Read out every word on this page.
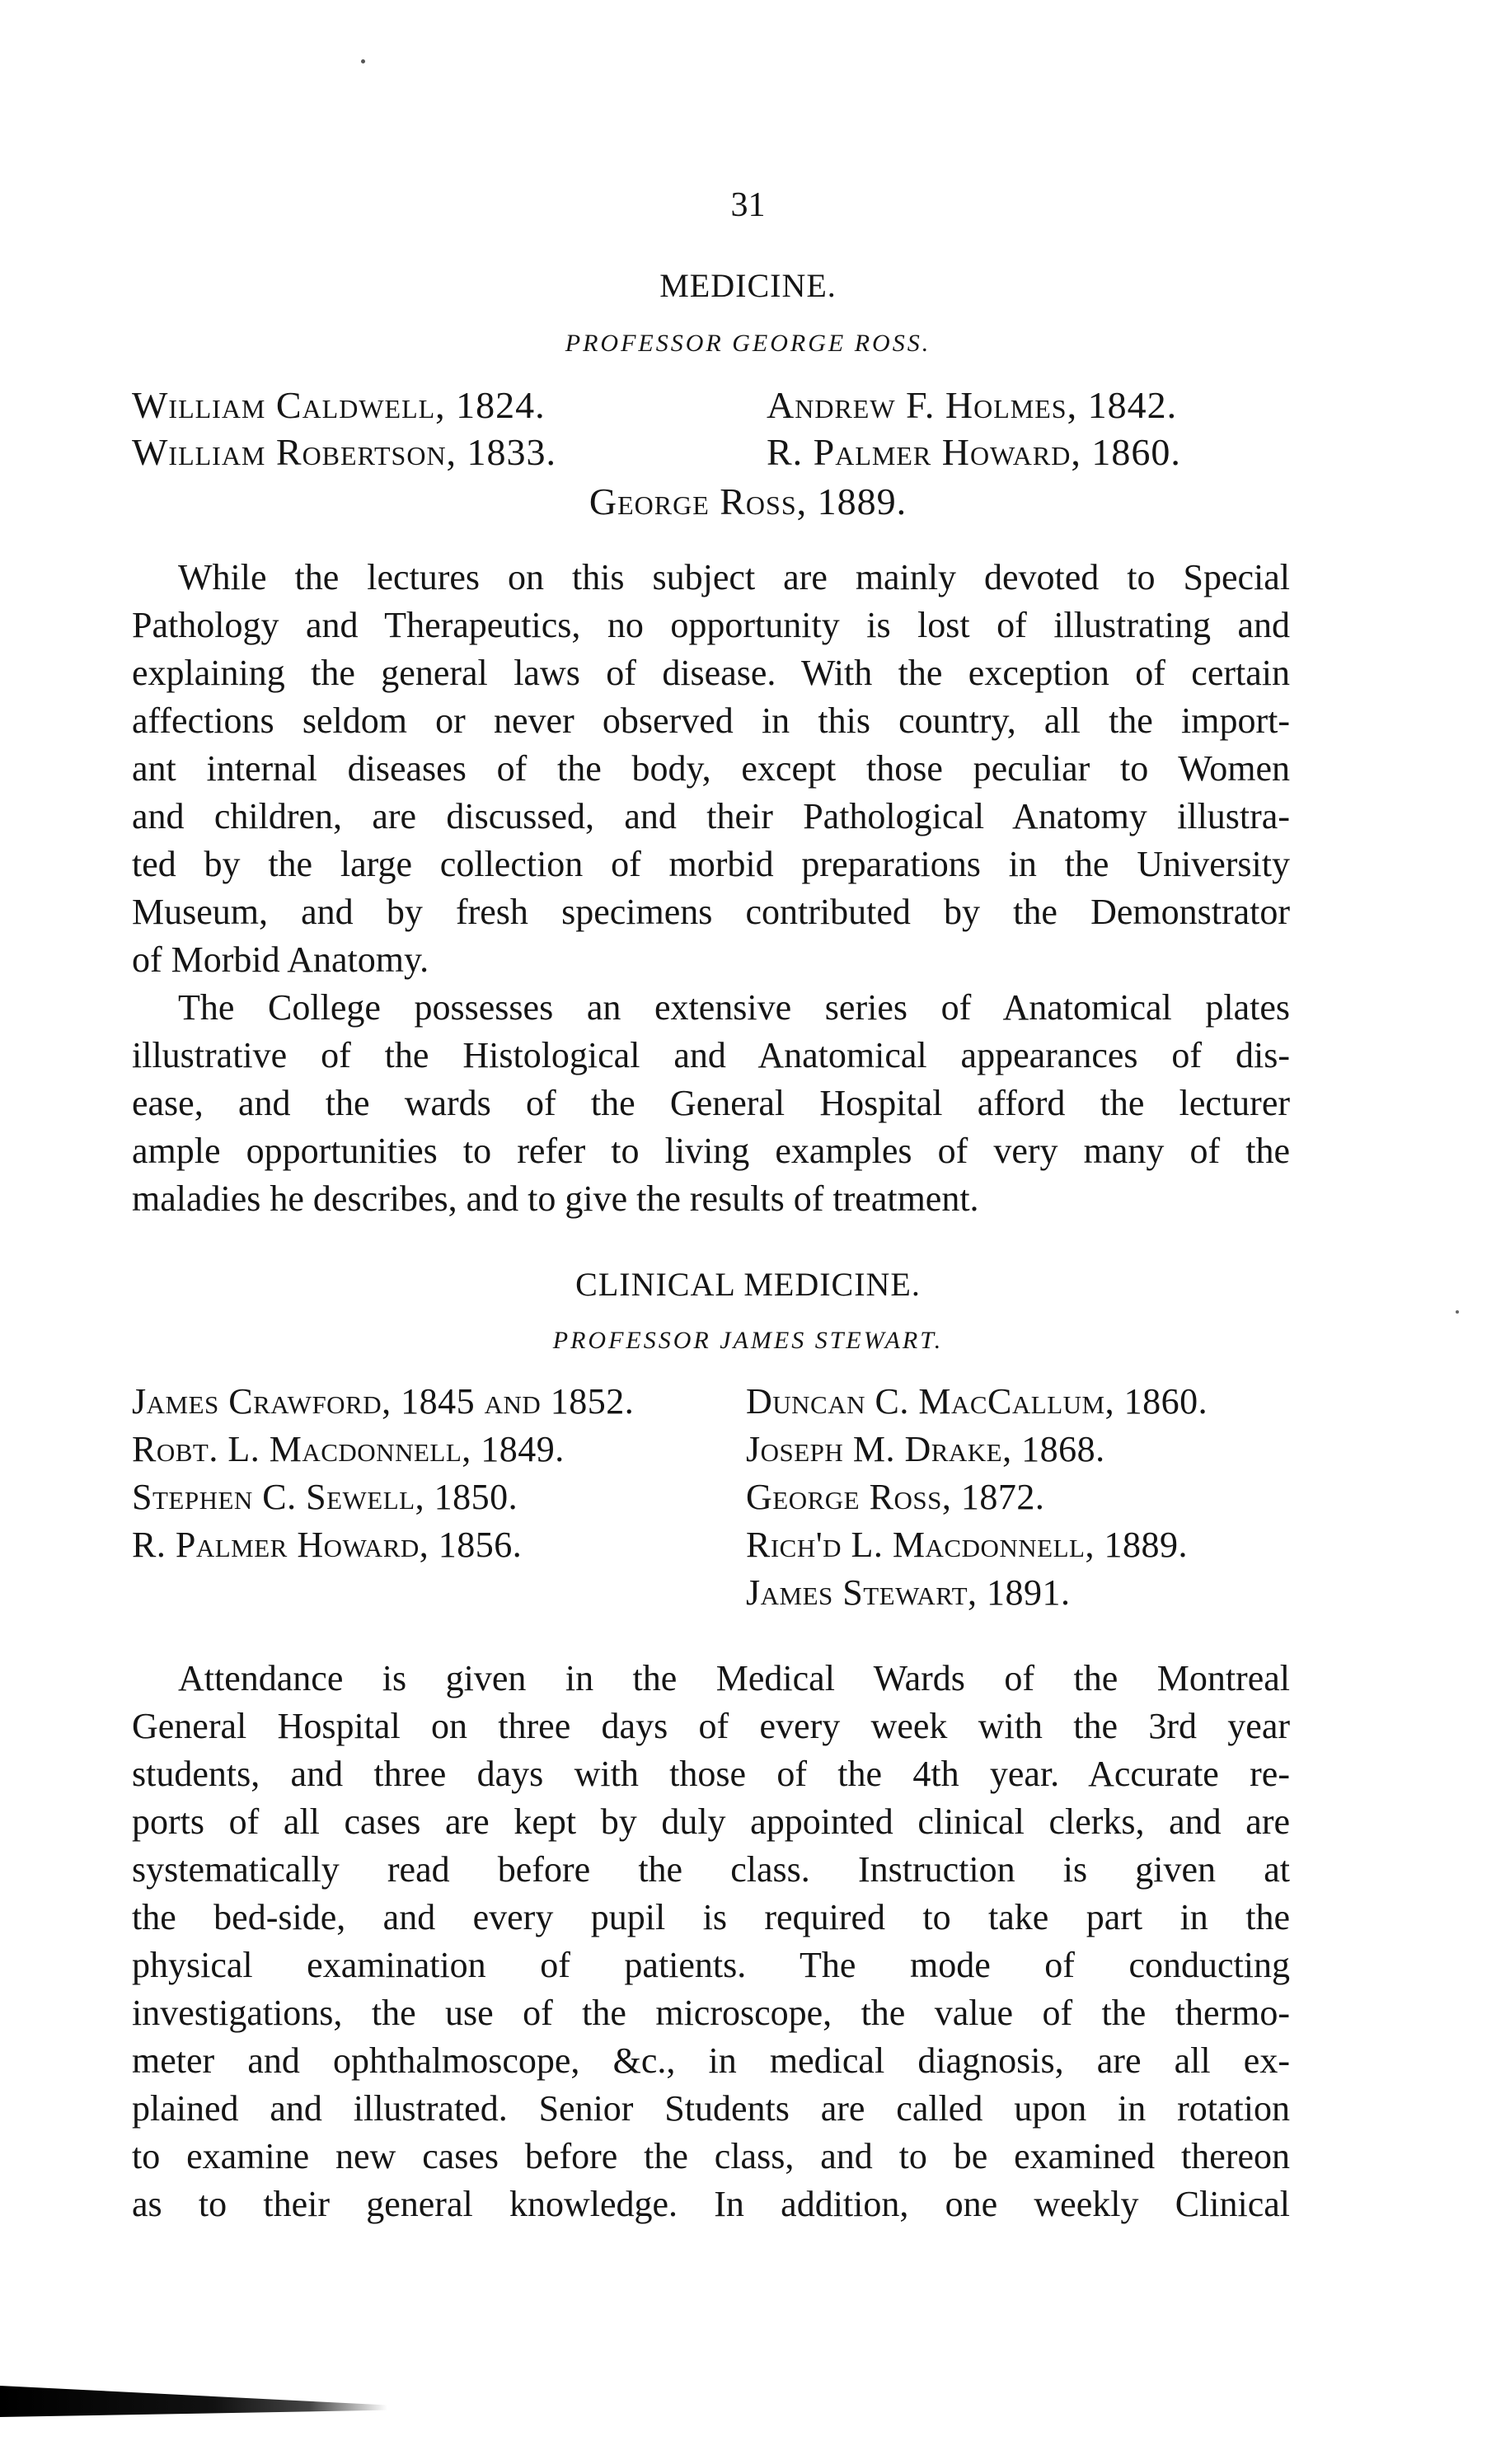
31
MEDICINE.
PROFESSOR GEORGE ROSS.
William Caldwell, 1824.
William Robertson, 1833.
Andrew F. Holmes, 1842.
R. Palmer Howard, 1860.
George Ross, 1889.
While the lectures on this subject are mainly devoted to Special
Pathology and Therapeutics, no opportunity is lost of illustrating and
explaining the general laws of disease. With the exception of certain
affections seldom or never observed in this country, all the import-
ant internal diseases of the body, except those peculiar to Women
and children, are discussed, and their Pathological Anatomy illustra-
ted by the large collection of morbid preparations in the University
Museum, and by fresh specimens contributed by the Demonstrator
of Morbid Anatomy.
The College possesses an extensive series of Anatomical plates
illustrative of the Histological and Anatomical appearances of dis-
ease, and the wards of the General Hospital afford the lecturer
ample opportunities to refer to living examples of very many of the
maladies he describes, and to give the results of treatment.
CLINICAL MEDICINE.
PROFESSOR JAMES STEWART.
James Crawford, 1845 and 1852.
Robt. L. Macdonnell, 1849.
Stephen C. Sewell, 1850.
R. Palmer Howard, 1856.
Duncan C. MacCallum, 1860.
Joseph M. Drake, 1868.
George Ross, 1872.
Rich'd L. Macdonnell, 1889.
James Stewart, 1891.
Attendance is given in the Medical Wards of the Montreal
General Hospital on three days of every week with the 3rd year
students, and three days with those of the 4th year. Accurate re-
ports of all cases are kept by duly appointed clinical clerks, and are
systematically read before the class. Instruction is given at
the bed-side, and every pupil is required to take part in the
physical examination of patients. The mode of conducting
investigations, the use of the microscope, the value of the thermo-
meter and ophthalmoscope, &c., in medical diagnosis, are all ex-
plained and illustrated. Senior Students are called upon in rotation
to examine new cases before the class, and to be examined thereon
as to their general knowledge. In addition, one weekly Clinical
